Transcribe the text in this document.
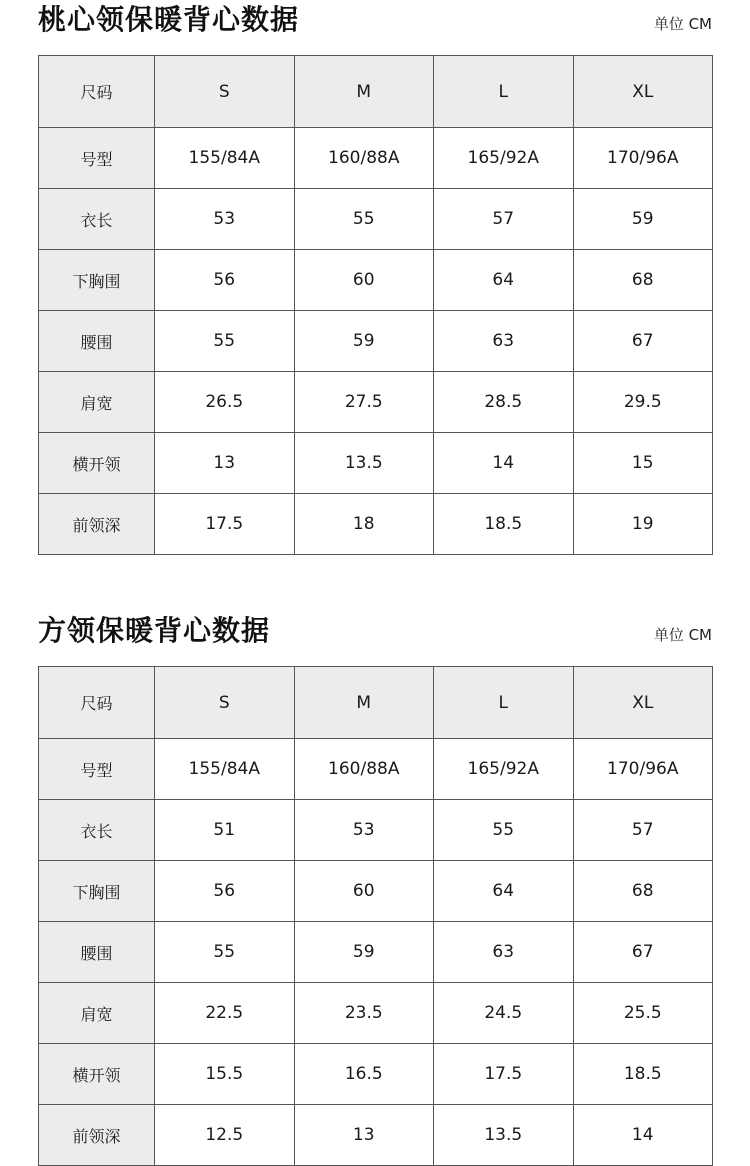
桃心领保暖背心数据	单位 CM
尺码	S	M	L	XL
号型	155/84A	160/88A	165/92A	170/96A
衣长	53	55	57	59
下胸围	56	60	64	68
腰围	55	59	63	67
肩宽	26.5	27.5	28.5	29.5
横开领	13	13.5	14	15
前领深	17.5	18	18.5	19
方领保暖背心数据	单位 CM
尺码	S	M	L	XL
号型	155/84A	160/88A	165/92A	170/96A
衣长	51	53	55	57
下胸围	56	60	64	68
腰围	55	59	63	67
肩宽	22.5	23.5	24.5	25.5
横开领	15.5	16.5	17.5	18.5
前领深	12.5	13	13.5	14
